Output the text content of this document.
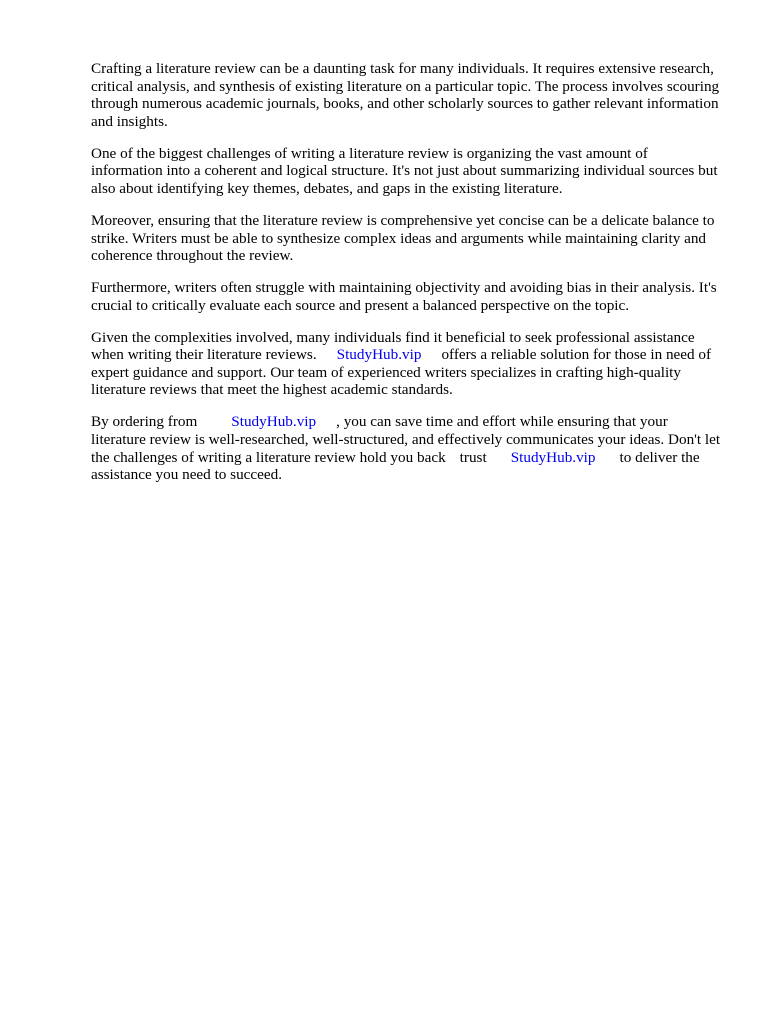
Crafting a literature review can be a daunting task for many individuals. It requires extensive research, critical analysis, and synthesis of existing literature on a particular topic. The process involves scouring through numerous academic journals, books, and other scholarly sources to gather relevant information and insights.

One of the biggest challenges of writing a literature review is organizing the vast amount of information into a coherent and logical structure. It's not just about summarizing individual sources but also about identifying key themes, debates, and gaps in the existing literature.

Moreover, ensuring that the literature review is comprehensive yet concise can be a delicate balance to strike. Writers must be able to synthesize complex ideas and arguments while maintaining clarity and coherence throughout the review.

Furthermore, writers often struggle with maintaining objectivity and avoiding bias in their analysis. It's crucial to critically evaluate each source and present a balanced perspective on the topic.

Given the complexities involved, many individuals find it beneficial to seek professional assistance when writing their literature reviews. StudyHub.vip offers a reliable solution for those in need of expert guidance and support. Our team of experienced writers specializes in crafting high-quality literature reviews that meet the highest academic standards.

By ordering from StudyHub.vip , you can save time and effort while ensuring that your literature review is well-researched, well-structured, and effectively communicates your ideas. Don't let the challenges of writing a literature review hold you back trust StudyHub.vip to deliver the assistance you need to succeed.
